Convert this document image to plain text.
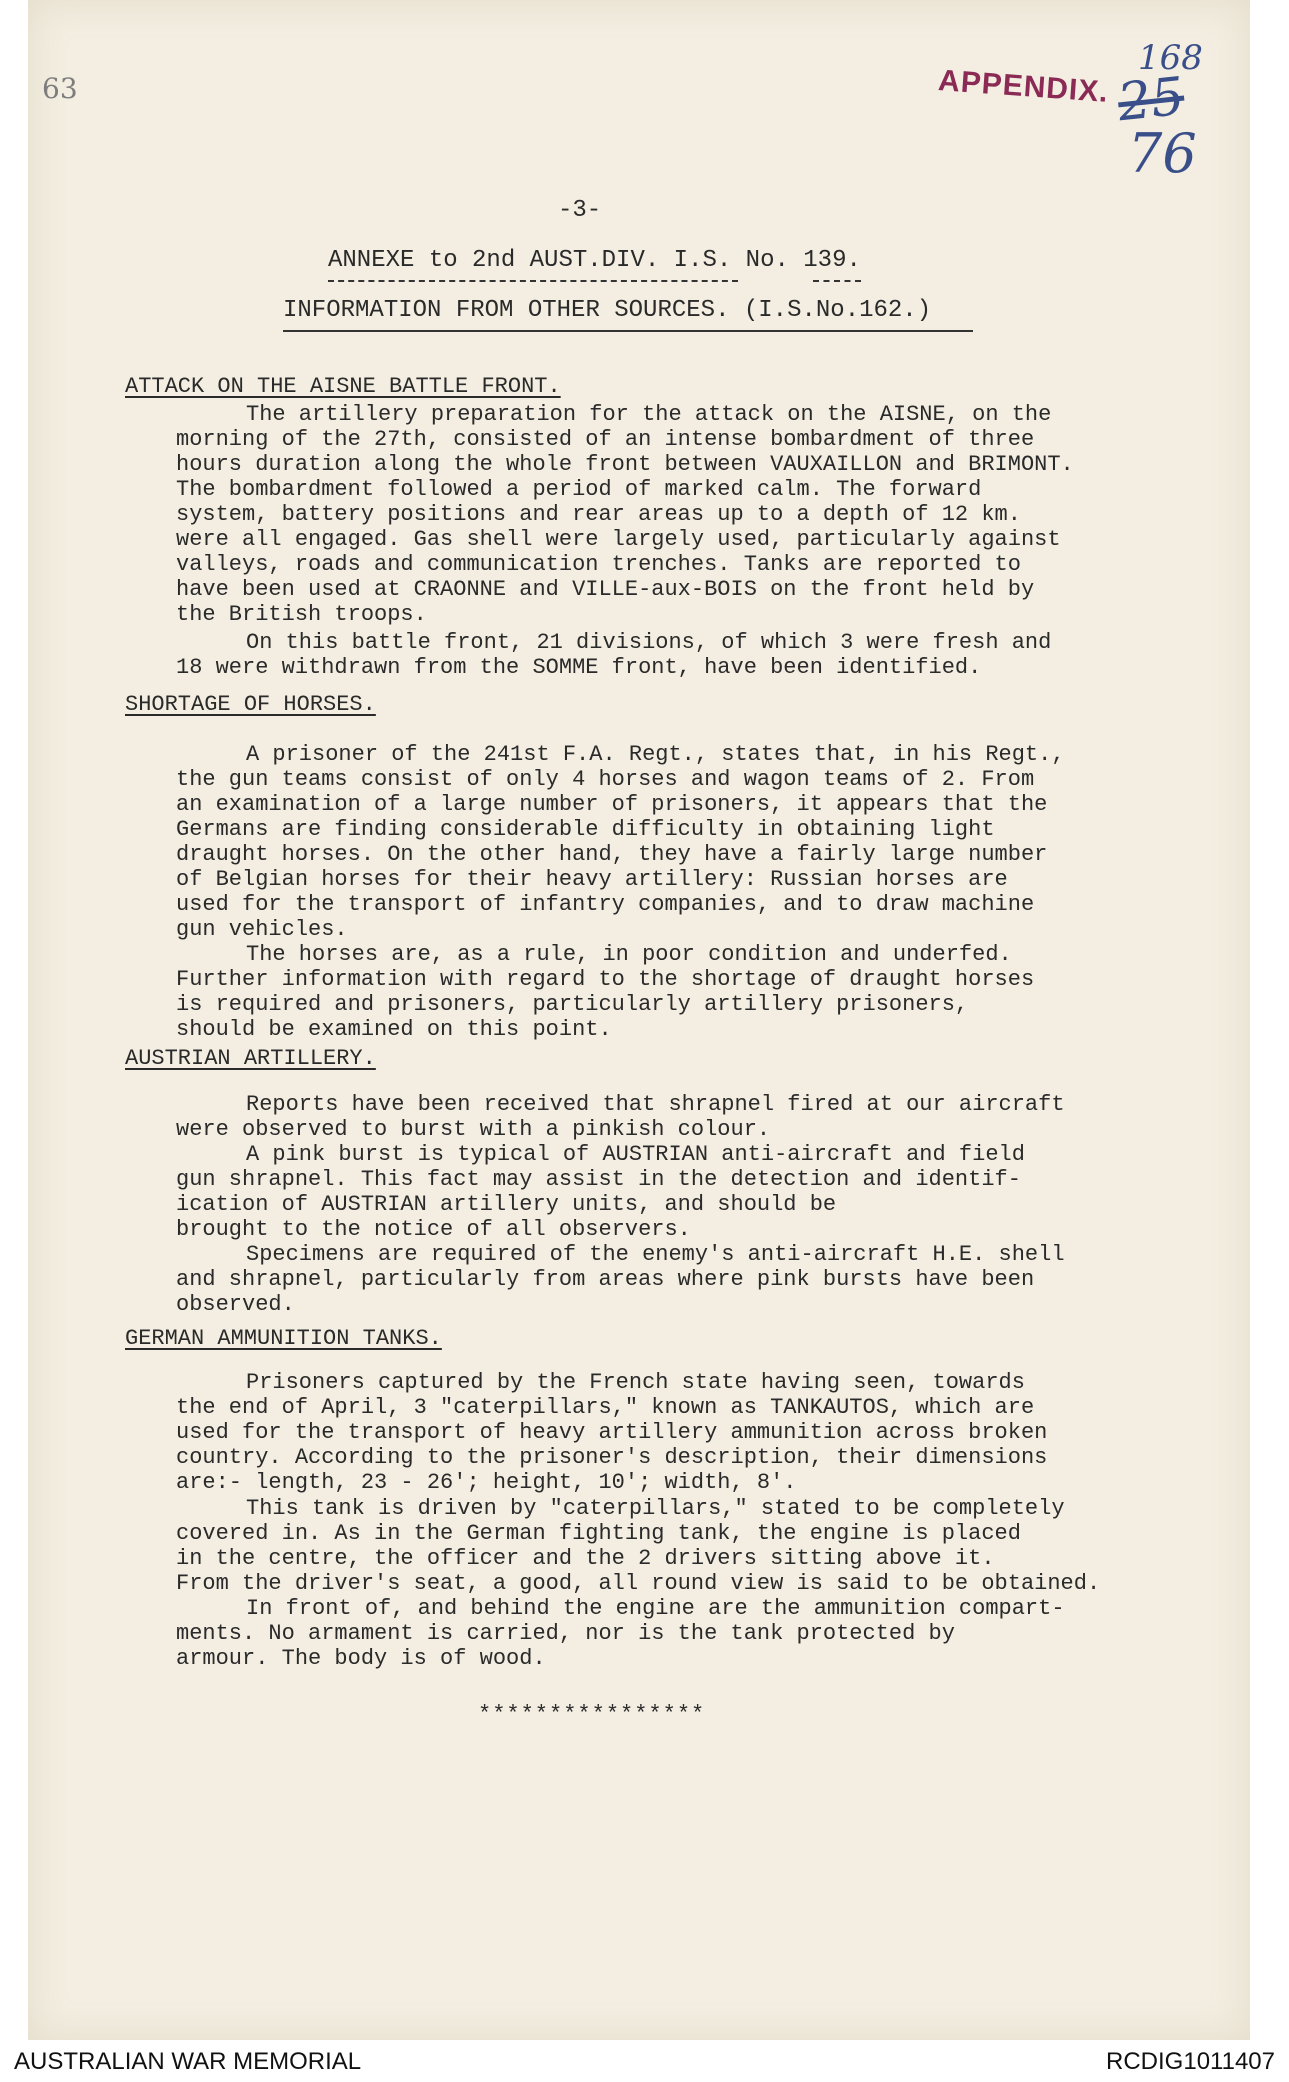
63
168
25
76
APPENDIX.
-3-
ANNEXE to 2nd AUST.DIV. I.S. No. 139.
INFORMATION FROM OTHER SOURCES. (I.S.No.162.)
ATTACK ON THE AISNE BATTLE FRONT.
The artillery preparation for the attack on the AISNE, on the
morning of the 27th, consisted of an intense bombardment of three
hours duration along the whole front between VAUXAILLON and BRIMONT.
The bombardment followed a period of marked calm. The forward
system, battery positions and rear areas up to a depth of 12 km.
were all engaged. Gas shell were largely used, particularly against
valleys, roads and communication trenches. Tanks are reported to
have been used at CRAONNE and VILLE-aux-BOIS on the front held by
the British troops.
On this battle front, 21 divisions, of which 3 were fresh and
18 were withdrawn from the SOMME front, have been identified.
SHORTAGE OF HORSES.
A prisoner of the 241st F.A. Regt., states that, in his Regt.,
the gun teams consist of only 4 horses and wagon teams of 2. From
an examination of a large number of prisoners, it appears that the
Germans are finding considerable difficulty in obtaining light
draught horses. On the other hand, they have a fairly large number
of Belgian horses for their heavy artillery: Russian horses are
used for the transport of infantry companies, and to draw machine
gun vehicles.
The horses are, as a rule, in poor condition and underfed.
Further information with regard to the shortage of draught horses
is required and prisoners, particularly artillery prisoners,
should be examined on this point.
AUSTRIAN ARTILLERY.
Reports have been received that shrapnel fired at our aircraft
were observed to burst with a pinkish colour.
A pink burst is typical of AUSTRIAN anti-aircraft and field
gun shrapnel. This fact may assist in the detection and identif-
ication of AUSTRIAN artillery units, and should be
brought to the notice of all observers.
Specimens are required of the enemy's anti-aircraft H.E. shell
and shrapnel, particularly from areas where pink bursts have been
observed.
GERMAN AMMUNITION TANKS.
Prisoners captured by the French state having seen, towards
the end of April, 3 "caterpillars," known as TANKAUTOS, which are
used for the transport of heavy artillery ammunition across broken
country. According to the prisoner's description, their dimensions
are:- length, 23 - 26'; height, 10'; width, 8'.
This tank is driven by "caterpillars," stated to be completely
covered in. As in the German fighting tank, the engine is placed
in the centre, the officer and the 2 drivers sitting above it.
From the driver's seat, a good, all round view is said to be obtained.
In front of, and behind the engine are the ammunition compart-
ments. No armament is carried, nor is the tank protected by
armour. The body is of wood.
****************
AUSTRALIAN WAR MEMORIAL	RCDIG1011407
